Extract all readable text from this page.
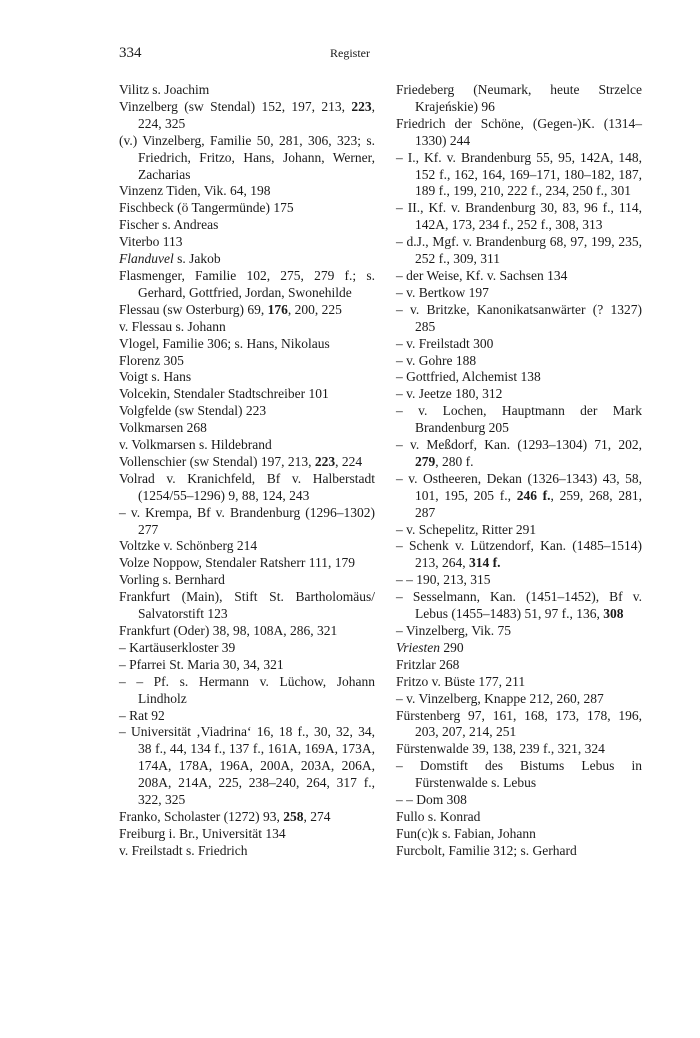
334	Register
Vilitz s. Joachim
Vinzelberg (sw Stendal) 152, 197, 213, 223, 224, 325
(v.) Vinzelberg, Familie 50, 281, 306, 323; s. Friedrich, Fritzo, Hans, Johann, Werner, Zacharias
Vinzenz Tiden, Vik. 64, 198
Fischbeck (ö Tangermünde) 175
Fischer s. Andreas
Viterbo 113
Flanduvel s. Jakob
Flasmenger, Familie 102, 275, 279 f.; s. Gerhard, Gottfried, Jordan, Swonehilde
Flessau (sw Osterburg) 69, 176, 200, 225
v. Flessau s. Johann
Vlogel, Familie 306; s. Hans, Nikolaus
Florenz 305
Voigt s. Hans
Volcekin, Stendaler Stadtschreiber 101
Volgfelde (sw Stendal) 223
Volkmarsen 268
v. Volkmarsen s. Hildebrand
Vollenschier (sw Stendal) 197, 213, 223, 224
Volrad v. Kranichfeld, Bf v. Halberstadt (1254/55–1296) 9, 88, 124, 243
– v. Krempa, Bf v. Brandenburg (1296–1302) 277
Voltzke v. Schönberg 214
Volze Noppow, Stendaler Ratsherr 111, 179
Vorling s. Bernhard
Frankfurt (Main), Stift St. Bartholomäus/ Salvatorstift 123
Frankfurt (Oder) 38, 98, 108A, 286, 321
– Kartäuserkloster 39
– Pfarrei St. Maria 30, 34, 321
– – Pf. s. Hermann v. Lüchow, Johann Lindholz
– Rat 92
– Universität ‚Viadrina‘ 16, 18 f., 30, 32, 34, 38 f., 44, 134 f., 137 f., 161A, 169A, 173A, 174A, 178A, 196A, 200A, 203A, 206A, 208A, 214A, 225, 238–240, 264, 317 f., 322, 325
Franko, Scholaster (1272) 93, 258, 274
Freiburg i. Br., Universität 134
v. Freilstadt s. Friedrich
Friedeberg (Neumark, heute Strzelce Krajeńskie) 96
Friedrich der Schöne, (Gegen-)K. (1314–1330) 244
– I., Kf. v. Brandenburg 55, 95, 142A, 148, 152 f., 162, 164, 169–171, 180–182, 187, 189 f., 199, 210, 222 f., 234, 250 f., 301
– II., Kf. v. Brandenburg 30, 83, 96 f., 114, 142A, 173, 234 f., 252 f., 308, 313
– d.J., Mgf. v. Brandenburg 68, 97, 199, 235, 252 f., 309, 311
– der Weise, Kf. v. Sachsen 134
– v. Bertkow 197
– v. Britzke, Kanonikatsanwärter (? 1327) 285
– v. Freilstadt 300
– v. Gohre 188
– Gottfried, Alchemist 138
– v. Jeetze 180, 312
– v. Lochen, Hauptmann der Mark Brandenburg 205
– v. Meßdorf, Kan. (1293–1304) 71, 202, 279, 280 f.
– v. Ostheeren, Dekan (1326–1343) 43, 58, 101, 195, 205 f., 246 f., 259, 268, 281, 287
– v. Schepelitz, Ritter 291
– Schenk v. Lützendorf, Kan. (1485–1514) 213, 264, 314 f.
– – 190, 213, 315
– Sesselmann, Kan. (1451–1452), Bf v. Lebus (1455–1483) 51, 97 f., 136, 308
– Vinzelberg, Vik. 75
Vriesten 290
Fritzlar 268
Fritzo v. Büste 177, 211
– v. Vinzelberg, Knappe 212, 260, 287
Fürstenberg 97, 161, 168, 173, 178, 196, 203, 207, 214, 251
Fürstenwalde 39, 138, 239 f., 321, 324
– Domstift des Bistums Lebus in Fürstenwalde s. Lebus
– – Dom 308
Fullo s. Konrad
Fun(c)k s. Fabian, Johann
Furcbolt, Familie 312; s. Gerhard
